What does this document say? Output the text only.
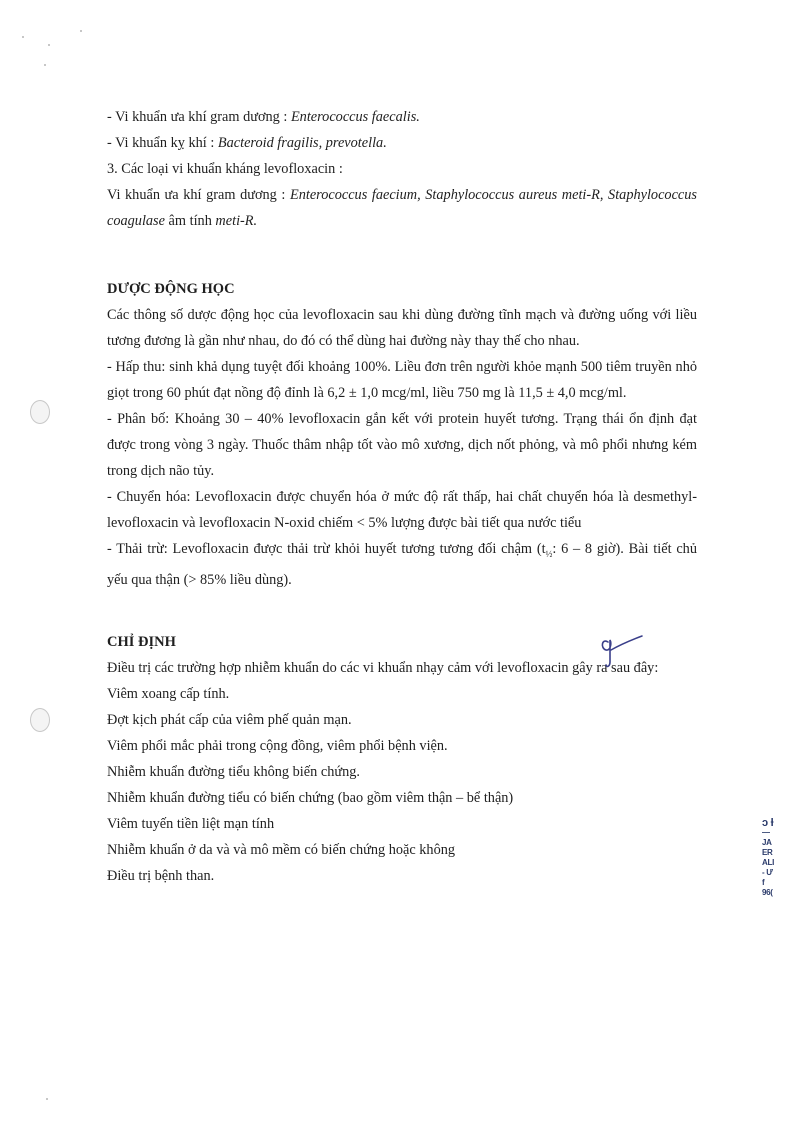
- Vi khuẩn ưa khí gram dương : Enterococcus faecalis.

- Vi khuẩn kỵ khí : Bacteroid fragilis, prevotella.

3. Các loại vi khuẩn kháng levofloxacin :

Vi khuẩn ưa khí gram dương : Enterococcus faecium, Staphylococcus aureus meti-R, Staphylococcus coagulase âm tính meti-R.

DƯỢC ĐỘNG HỌC

Các thông số dược động học của levofloxacin sau khi dùng đường tĩnh mạch và đường uống với liều tương đương là gần như nhau, do đó có thể dùng hai đường này thay thế cho nhau.

- Hấp thu: sinh khả dụng tuyệt đối khoảng 100%. Liều đơn trên người khỏe mạnh 500 tiêm truyền nhỏ giọt trong 60 phút đạt nồng độ đỉnh là 6,2 ± 1,0 mcg/ml, liều 750 mg là 11,5 ± 4,0 mcg/ml.

- Phân bố: Khoảng 30 – 40% levofloxacin gắn kết với protein huyết tương. Trạng thái ổn định đạt được trong vòng 3 ngày. Thuốc thâm nhập tốt vào mô xương, dịch nốt phỏng, và mô phổi nhưng kém trong dịch não tủy.

- Chuyển hóa: Levofloxacin được chuyển hóa ở mức độ rất thấp, hai chất chuyển hóa là desmethyl-levofloxacin và levofloxacin N-oxid chiếm < 5% lượng được bài tiết qua nước tiểu

- Thải trừ: Levofloxacin được thải trừ khỏi huyết tương tương đối chậm ($t_{\frac{1}{2}}$: 6 – 8 giờ). Bài tiết chủ yếu qua thận (> 85% liều dùng).

CHỈ ĐỊNH

Điều trị các trường hợp nhiễm khuẩn do các vi khuẩn nhạy cảm với levofloxacin gây ra sau đây:

Viêm xoang cấp tính.

Đợt kịch phát cấp của viêm phế quản mạn.

Viêm phổi mắc phải trong cộng đồng, viêm phổi bệnh viện.

Nhiễm khuẩn đường tiểu không biến chứng.

Nhiễm khuẩn đường tiểu có biến chứng (bao gồm viêm thận – bể thận)

Viêm tuyến tiền liệt mạn tính

Nhiễm khuẩn ở da và và mô mềm có biến chứng hoặc không

Điều trị bệnh than.

ɔ ƚ
—
JA
ER
ALI
- Ư
f
96(
